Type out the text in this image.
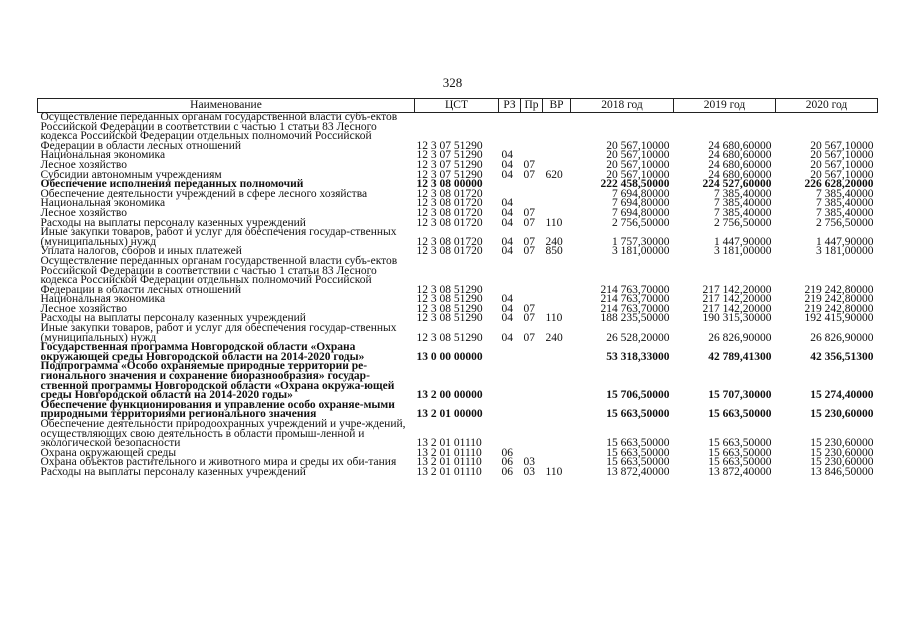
328
Наименование	ЦСТ	РЗ	Пр	ВР	2018 год	2019 год	2020 год
Осуществление переданных органам государственной власти субъ-ектов Российской Федерации в соответствии с частью 1 статьи 83 Лесного кодекса Российской Федерации отдельных полномочий Российской Федерации в области лесных отношений	12 3 07 51290				20 567,10000	24 680,60000	20 567,10000
Национальная экономика	12 3 07 51290	04			20 567,10000	24 680,60000	20 567,10000
Лесное хозяйство	12 3 07 51290	04	07		20 567,10000	24 680,60000	20 567,10000
Субсидии автономным учреждениям	12 3 07 51290	04	07	620	20 567,10000	24 680,60000	20 567,10000
Обеспечение исполнения переданных полномочий	12 3 08 00000				222 458,50000	224 527,60000	226 628,20000
Обеспечение деятельности учреждений в сфере лесного хозяйства	12 3 08 01720				7 694,80000	7 385,40000	7 385,40000
Национальная экономика	12 3 08 01720	04			7 694,80000	7 385,40000	7 385,40000
Лесное хозяйство	12 3 08 01720	04	07		7 694,80000	7 385,40000	7 385,40000
Расходы на выплаты персоналу казенных учреждений	12 3 08 01720	04	07	110	2 756,50000	2 756,50000	2 756,50000
Иные закупки товаров, работ и услуг для обеспечения государ-ственных (муниципальных) нужд	12 3 08 01720	04	07	240	1 757,30000	1 447,90000	1 447,90000
Уплата налогов, сборов и иных платежей	12 3 08 01720	04	07	850	3 181,00000	3 181,00000	3 181,00000
Осуществление переданных органам государственной власти субъ-ектов Российской Федерации в соответствии с частью 1 статьи 83 Лесного кодекса Российской Федерации отдельных полномочий Российской Федерации в области лесных отношений	12 3 08 51290				214 763,70000	217 142,20000	219 242,80000
Национальная экономика	12 3 08 51290	04			214 763,70000	217 142,20000	219 242,80000
Лесное хозяйство	12 3 08 51290	04	07		214 763,70000	217 142,20000	219 242,80000
Расходы на выплаты персоналу казенных учреждений	12 3 08 51290	04	07	110	188 235,50000	190 315,30000	192 415,90000
Иные закупки товаров, работ и услуг для обеспечения государ-ственных (муниципальных) нужд	12 3 08 51290	04	07	240	26 528,20000	26 826,90000	26 826,90000
Государственная программа Новгородской области «Охрана окружающей среды Новгородской области на 2014-2020 годы»	13 0 00 00000				53 318,33000	42 789,41300	42 356,51300
Подпрограмма «Особо охраняемые природные территории ре-гионального значения и сохранение биоразнообразия» государ-ственной программы Новгородской области «Охрана окружа-ющей среды Новгородской области на 2014-2020 годы»	13 2 00 00000				15 706,50000	15 707,30000	15 274,40000
Обеспечение функционирования и управление особо охраняе-мыми природными территориями регионального значения	13 2 01 00000				15 663,50000	15 663,50000	15 230,60000
Обеспечение деятельности природоохранных учреждений и учре-ждений, осуществляющих свою деятельность в области промыш-ленной и экологической безопасности	13 2 01 01110				15 663,50000	15 663,50000	15 230,60000
Охрана окружающей среды	13 2 01 01110	06			15 663,50000	15 663,50000	15 230,60000
Охрана объектов растительного и животного мира и среды их оби-тания	13 2 01 01110	06	03		15 663,50000	15 663,50000	15 230,60000
Расходы на выплаты персоналу казенных учреждений	13 2 01 01110	06	03	110	13 872,40000	13 872,40000	13 846,50000
